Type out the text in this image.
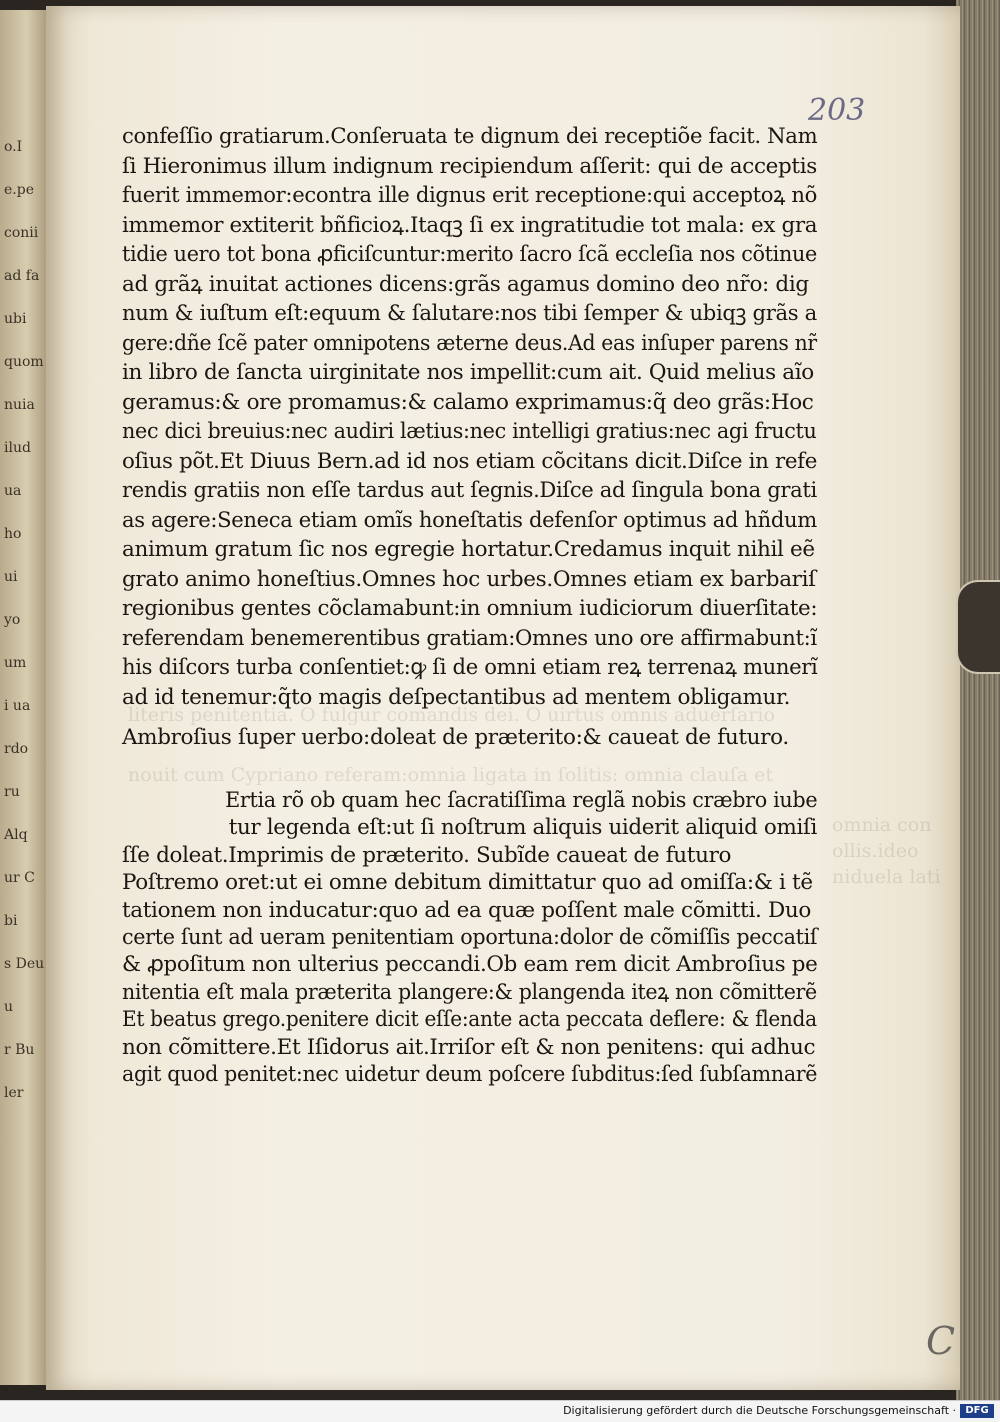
o.I
e.pe
conii
ad fa
ubi
quom
nuia
ilud
ua
ho
ui
yo
um
i ua
rdo
ru
Alq
ur C
bi
s Deu
u
r Bu
ler
literis penitentia. O fulgur comandis dei. O uirtus omnis aduerſario
nouit cum Cypriano referam:omnia ligata in ſolitis: omnia clauſa et
omnia con
ollis.ideo
niduela lati
203
confeſſio gratiarum.Conſeruata te dignum dei receptiõe facit. Nam
ſi Hieronimus illum indignum recipiendum aſſerit: qui de acceptis
fuerit immemor:econtra ille dignus erit receptione:qui acceptoꝝ nõ
immemor extiterit bñficioꝝ.Itaqꝫ ſi ex ingratitudie tot mala: ex gra
tidie uero tot bona ꝓficiſcuntur:merito ſacro ſcã eccleſia nos cõtinue
ad grãꝝ inuitat actiones dicens:grãs agamus domino deo nr̃o: dig
num & iuſtum eſt:equum & ſalutare:nos tibi ſemper & ubiqꝫ grãs a
gere:dñe ſcẽ pater omnipotens æterne deus.Ad eas inſuper parens nr̃
in libro de ſancta uirginitate nos impellit:cum ait. Quid melius aĩo
geramus:& ore promamus:& calamo exprimamus:q̃ deo grãs:Hoc
nec dici breuius:nec audiri lætius:nec intelligi gratius:nec agi fructu
oſius põt.Et Diuus Bern.ad id nos etiam cõcitans dicit.Diſce in refe
rendis gratiis non eſſe tardus aut ſegnis.Diſce ad ſingula bona grati
as agere:Seneca etiam omĩs honeſtatis defenſor optimus ad hñdum
animum gratum ſic nos egregie hortatur.Credamus inquit nihil eẽ
grato animo honeſtius.Omnes hoc urbes.Omnes etiam ex barbariſ
regionibus gentes cõclamabunt:in omnium iudiciorum diuerſitate:
referendam benemerentibus gratiam:Omnes uno ore affirmabunt:ĩ
his diſcors turba conſentiet:ꝙ ſi de omni etiam reꝝ terrenaꝝ munerĩ
ad id tenemur:q̃to magis deſpectantibus ad mentem obligamur.
Ambroſius ſuper uerbo:doleat de præterito:& caueat de futuro.
Ertia rõ ob quam hec ſacratiſſima reglã nobis cræbro iube
tur legenda eſt:ut ſi noſtrum aliquis uiderit aliquid omiſi
ſſe doleat.Imprimis de præterito. Subĩde caueat de futuro
Poſtremo oret:ut ei omne debitum dimittatur quo ad omiſſa:& i tẽ
tationem non inducatur:quo ad ea quæ poſſent male cõmitti. Duo
certe ſunt ad ueram penitentiam oportuna:dolor de cõmiſſis peccatiſ
& ꝓpoſitum non ulterius peccandi.Ob eam rem dicit Ambroſius pe
nitentia eſt mala præterita plangere:& plangenda iteꝝ non cõmitterẽ
Et beatus grego.penitere dicit eſſe:ante acta peccata deflere: & flenda
non cõmittere.Et Iſidorus ait.Irriſor eſt & non penitens: qui adhuc
agit quod penitet:nec uidetur deum poſcere ſubditus:ſed ſubſamnarẽ
C
Digitalisierung gefördert durch die Deutsche Forschungsgemeinschaft · DFG
